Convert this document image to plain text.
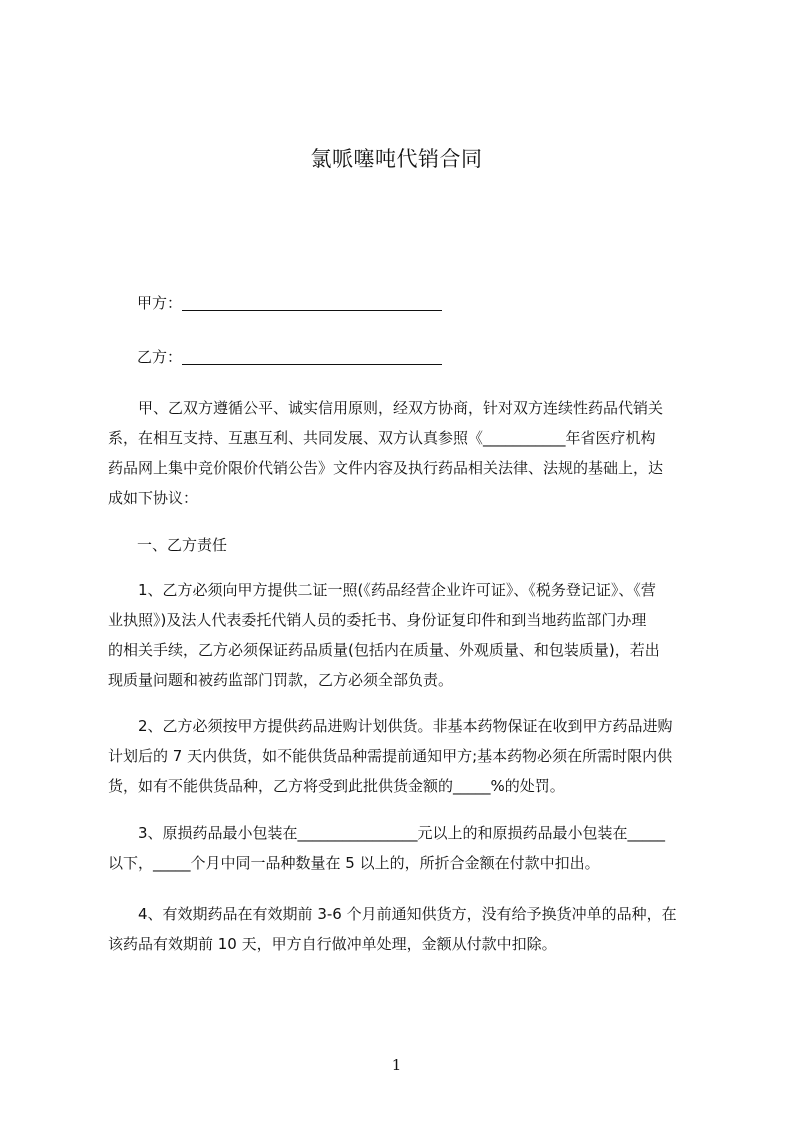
氯哌噻吨代销合同
甲方：
乙方：
　　甲、乙双方遵循公平、诚实信用原则，经双方协商，针对双方连续性药品代销关
系，在相互支持、互惠互利、共同发展、双方认真参照《___________年省医疗机构
药品网上集中竞价限价代销公告》文件内容及执行药品相关法律、法规的基础上，达
成如下协议：
一、乙方责任
　　1、乙方必须向甲方提供二证一照(《药品经营企业许可证》、《税务登记证》、《营
业执照》)及法人代表委托代销人员的委托书、身份证复印件和到当地药监部门办理
的相关手续，乙方必须保证药品质量(包括内在质量、外观质量、和包装质量)，若出
现质量问题和被药监部门罚款，乙方必须全部负责。
　　2、乙方必须按甲方提供药品进购计划供货。非基本药物保证在收到甲方药品进购
计划后的 7 天内供货，如不能供货品种需提前通知甲方;基本药物必须在所需时限内供
货，如有不能供货品种，乙方将受到此批供货金额的_____%的处罚。
　　3、原损药品最小包装在________________元以上的和原损药品最小包装在_____
以下，_____个月中同一品种数量在 5 以上的，所折合金额在付款中扣出。
　　4、有效期药品在有效期前 3-6 个月前通知供货方，没有给予换货冲单的品种，在
该药品有效期前 10 天，甲方自行做冲单处理，金额从付款中扣除。
1
